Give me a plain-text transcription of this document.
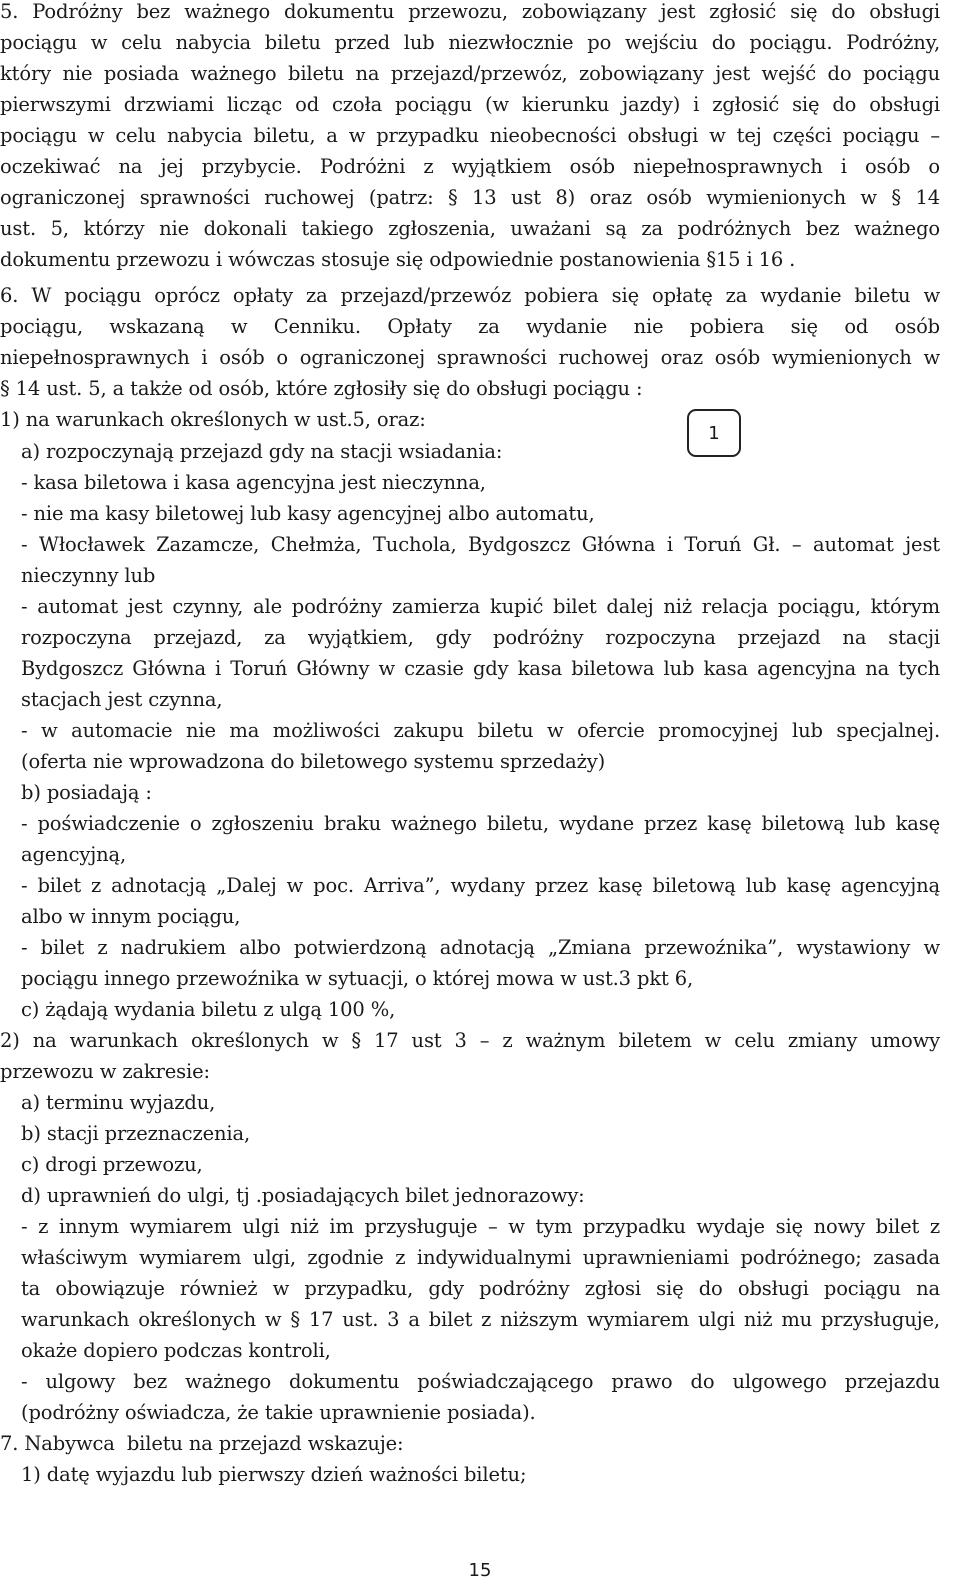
5. Podróżny bez ważnego dokumentu przewozu, zobowiązany jest zgłosić się do obsługi
pociągu w celu nabycia biletu przed lub niezwłocznie po wejściu do pociągu. Podróżny,
który nie posiada ważnego biletu na przejazd/przewóz, zobowiązany jest wejść do pociągu
pierwszymi drzwiami licząc od czoła pociągu (w kierunku jazdy) i zgłosić się do obsługi
pociągu w celu nabycia biletu, a w przypadku nieobecności obsługi w tej części pociągu –
oczekiwać na jej przybycie. Podróżni z wyjątkiem osób niepełnosprawnych i osób o
ograniczonej sprawności ruchowej (patrz: § 13 ust 8) oraz osób wymienionych w § 14
ust. 5, którzy nie dokonali takiego zgłoszenia, uważani są za podróżnych bez ważnego
dokumentu przewozu i wówczas stosuje się odpowiednie postanowienia §15 i 16 .
6. W pociągu oprócz opłaty za przejazd/przewóz pobiera się opłatę za wydanie biletu w
pociągu, wskazaną w Cenniku. Opłaty za wydanie nie pobiera się od osób
niepełnosprawnych i osób o ograniczonej sprawności ruchowej oraz osób wymienionych w
§ 14 ust. 5, a także od osób, które zgłosiły się do obsługi pociągu :
1) na warunkach określonych w ust.5, oraz:
a) rozpoczynają przejazd gdy na stacji wsiadania:
- kasa biletowa i kasa agencyjna jest nieczynna,
- nie ma kasy biletowej lub kasy agencyjnej albo automatu,
- Włocławek Zazamcze, Chełmża, Tuchola, Bydgoszcz Główna i Toruń Gł. – automat jest
nieczynny lub
- automat jest czynny, ale podróżny zamierza kupić bilet dalej niż relacja pociągu, którym
rozpoczyna przejazd, za wyjątkiem, gdy podróżny rozpoczyna przejazd na stacji
Bydgoszcz Główna i Toruń Główny w czasie gdy kasa biletowa lub kasa agencyjna na tych
stacjach jest czynna,
- w automacie nie ma możliwości zakupu biletu w ofercie promocyjnej lub specjalnej.
(oferta nie wprowadzona do biletowego systemu sprzedaży)
b) posiadają :
- poświadczenie o zgłoszeniu braku ważnego biletu, wydane przez kasę biletową lub kasę
agencyjną,
- bilet z adnotacją „Dalej w poc. Arriva”, wydany przez kasę biletową lub kasę agencyjną
albo w innym pociągu,
- bilet z nadrukiem albo potwierdzoną adnotacją „Zmiana przewoźnika”, wystawiony w
pociągu innego przewoźnika w sytuacji, o której mowa w ust.3 pkt 6,
c) żądają wydania biletu z ulgą 100 %,
2) na warunkach określonych w § 17 ust 3 – z ważnym biletem w celu zmiany umowy
przewozu w zakresie:
a) terminu wyjazdu,
b) stacji przeznaczenia,
c) drogi przewozu,
d) uprawnień do ulgi, tj .posiadających bilet jednorazowy:
- z innym wymiarem ulgi niż im przysługuje – w tym przypadku wydaje się nowy bilet z
właściwym wymiarem ulgi, zgodnie z indywidualnymi uprawnieniami podróżnego; zasada
ta obowiązuje również w przypadku, gdy podróżny zgłosi się do obsługi pociągu na
warunkach określonych w § 17 ust. 3 a bilet z niższym wymiarem ulgi niż mu przysługuje,
okaże dopiero podczas kontroli,
- ulgowy bez ważnego dokumentu poświadczającego prawo do ulgowego przejazdu
(podróżny oświadcza, że takie uprawnienie posiada).
7. Nabywca  biletu na przejazd wskazuje:
1) datę wyjazdu lub pierwszy dzień ważności biletu;
1
15
